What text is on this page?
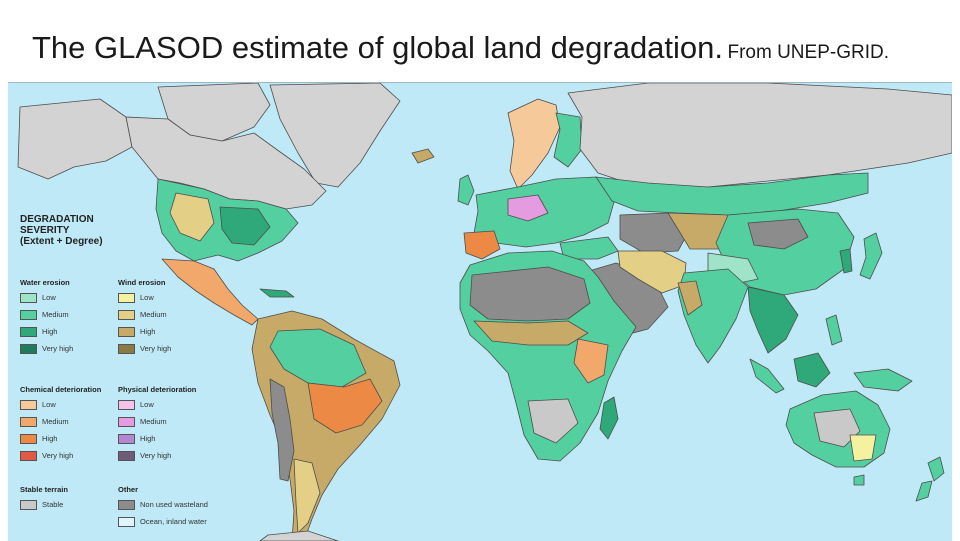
The GLASOD estimate of global land degradation. From UNEP-GRID.
DEGRADATION
SEVERITY
(Extent + Degree)
Water erosion
Low
Medium
High
Very high
Wind erosion
Low
Medium
High
Very high
Chemical deterioration
Low
Medium
High
Very high
Physical deterioration
Low
Medium
High
Very high
Stable terrain
Stable
Other
Non used wasteland
Ocean, inland water
